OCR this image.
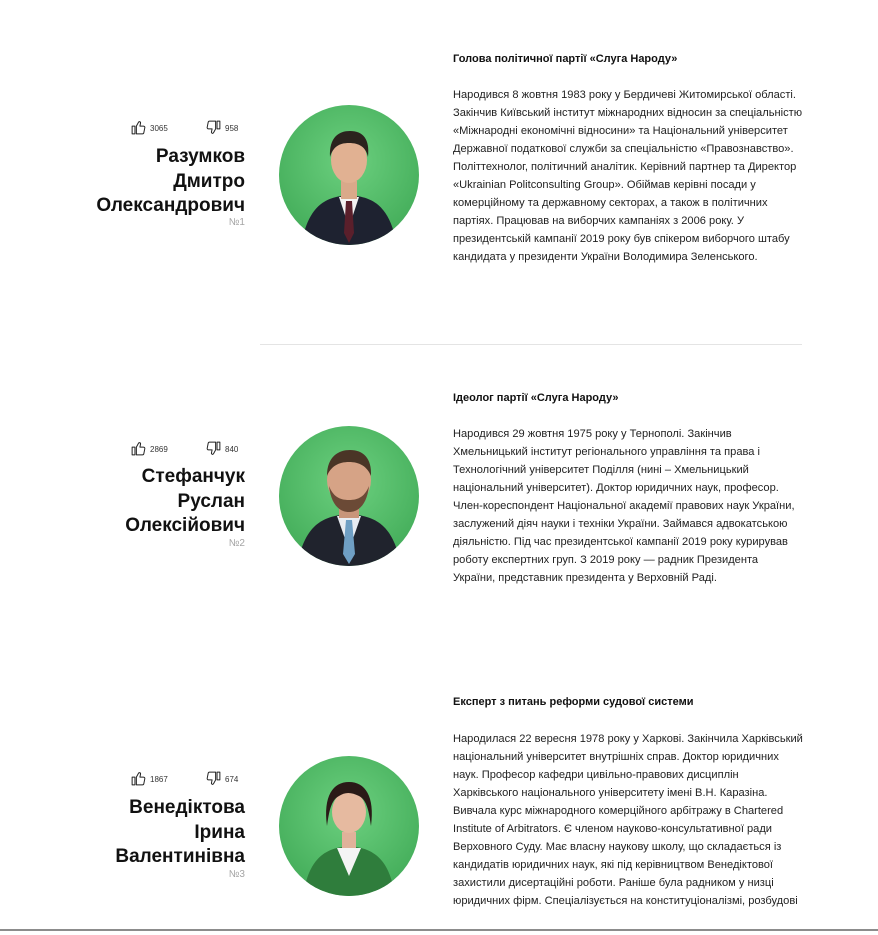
3065	958
Разумков
Дмитро
Олександрович
№1
Голова політичної партії «Слуга Народу»
Народився 8 жовтня 1983 року у Бердичеві Житомирської області. Закінчив Київський інститут міжнародних відносин за спеціальністю «Міжнародні економічні відносини» та Національний університет Державної податкової служби за спеціальністю «Правознавство». Політтехнолог, політичний аналітик. Керівний партнер та Директор «Ukrainian Politconsulting Group». Обіймав керівні посади у комерційному та державному секторах, а також в політичних партіях. Працював на виборчих кампаніях з 2006 року. У президентській кампанії 2019 року був спікером виборчого штабу кандидата у президенти України Володимира Зеленського.
2869	840
Стефанчук
Руслан
Олексійович
№2
Ідеолог партії «Слуга Народу»
Народився 29 жовтня 1975 року у Тернополі. Закінчив Хмельницький інститут регіонального управління та права і Технологічний університет Поділля (нині – Хмельницький національний університет). Доктор юридичних наук, професор. Член-кореспондент Національної академії правових наук України, заслужений діяч науки і техніки України. Займався адвокатською діяльністю. Під час президентської кампанії 2019 року курирував роботу експертних груп. З 2019 року — радник Президента України, представник президента у Верховній Раді.
1867	674
Венедіктова
Ірина
Валентинівна
№3
Експерт з питань реформи судової системи
Народилася 22 вересня 1978 року у Харкові. Закінчила Харківський національний університет внутрішніх справ. Доктор юридичних наук. Професор кафедри цивільно-правових дисциплін Харківського національного університету імені В.Н. Каразіна. Вивчала курс міжнародного комерційного арбітражу в Chartered Institute of Arbitrators. Є членом науково-консультативної ради Верховного Суду. Має власну наукову школу, що складається із кандидатів юридичних наук, які під керівництвом Венедіктової захистили дисертаційні роботи. Раніше була радником у низці юридичних фірм. Спеціалізується на конституціоналізмі, розбудові
